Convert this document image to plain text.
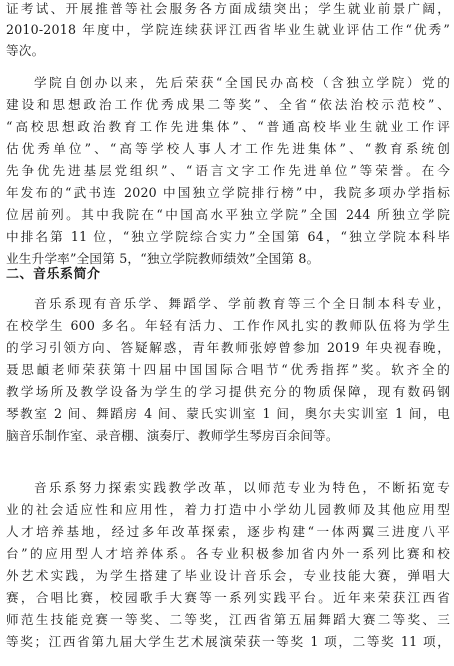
证考试、开展推普等社会服务各方面成绩突出；学生就业前景广阔，
2010-2018 年度中，学院连续获评江西省毕业生就业评估工作“优秀”
等次。
学院自创办以来，先后荣获“全国民办高校（含独立学院）党的
建设和思想政治工作优秀成果二等奖”、全省“依法治校示范校”、
“高校思想政治教育工作先进集体”、“普通高校毕业生就业工作评
估优秀单位”、“高等学校人事人才工作先进集体”、“教育系统创
先争优先进基层党组织”、“语言文字工作先进单位”等荣誉。在今
年发布的“武书连 2020 中国独立学院排行榜”中，我院多项办学指标
位居前列。其中我院在“中国高水平独立学院”全国 244 所独立学院
中排名第 11 位，“独立学院综合实力”全国第 64，“独立学院本科毕
业生升学率”全国第 5，“独立学院教师绩效”全国第 8。
二、音乐系简介
音乐系现有音乐学、舞蹈学、学前教育等三个全日制本科专业，
在校学生 600 多名。年轻有活力、工作作风扎实的教师队伍将为学生
的学习引领方向、答疑解惑，青年教师张婷曾参加 2019 年央视春晚，
聂思頔老师荣获第十四届中国国际合唱节“优秀指挥”奖。软齐全的
教学场所及教学设备为学生的学习提供充分的物质保障，现有数码钢
琴教室 2 间、舞蹈房 4 间、蒙氏实训室 1 间，奥尔夫实训室 1 间，电
脑音乐制作室、录音棚、演奏厅、教师学生琴房百余间等。
音乐系努力探索实践教学改革，以师范专业为特色，不断拓宽专
业的社会适应性和应用性，着力打造中小学幼儿园教师及其他应用型
人才培养基地，经过多年改革探索，逐步构建“一体两翼三进度八平
台”的应用型人才培养体系。各专业积极参加省内外一系列比赛和校
外艺术实践，为学生搭建了毕业设计音乐会，专业技能大赛，弹唱大
赛，合唱比赛，校园歌手大赛等一系列实践平台。近年来荣获江西省
师范生技能竞赛一等奖、二等奖，江西省第五届舞蹈大赛二等奖、三
等奖；江西省第九届大学生艺术展演荣获一等奖 1 项，二等奖 11 项，
